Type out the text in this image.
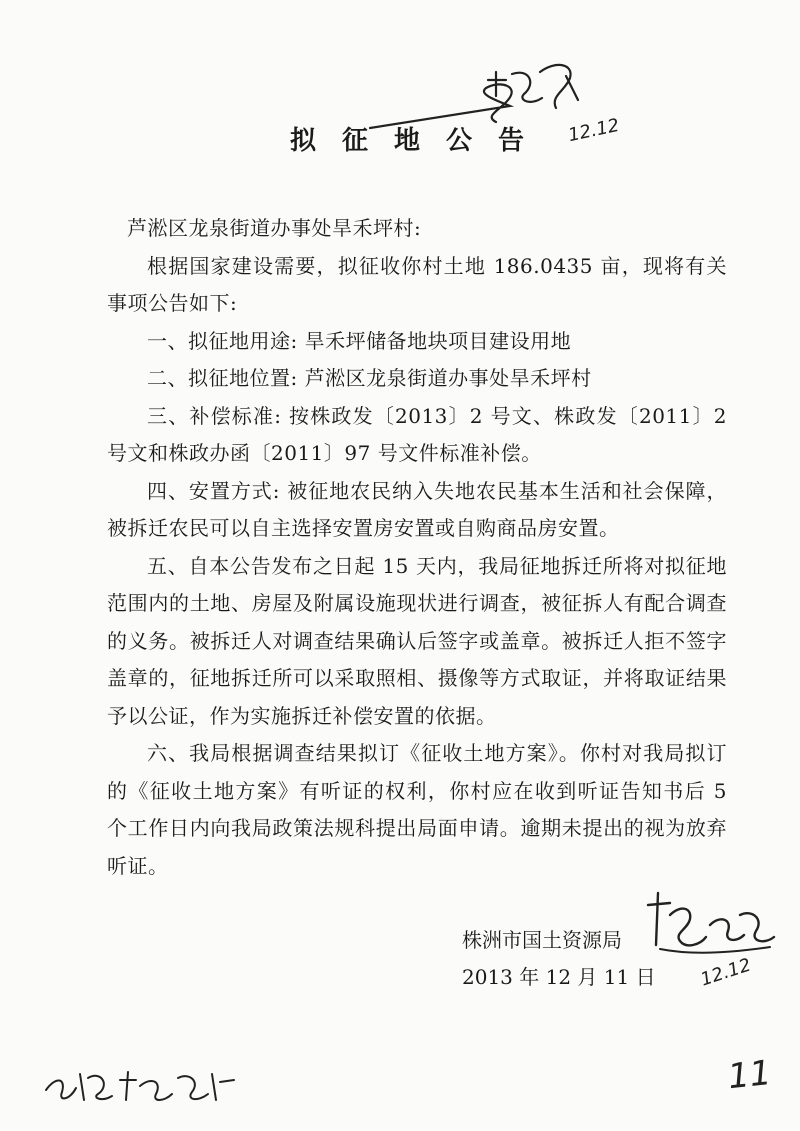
12.12
拟征地公告

芦淞区龙泉街道办事处旱禾坪村:

根据国家建设需要，拟征收你村土地 186.0435 亩，现将有关事项公告如下:

一、拟征地用途: 旱禾坪储备地块项目建设用地

二、拟征地位置: 芦淞区龙泉街道办事处旱禾坪村

三、补偿标准: 按株政发〔2013〕2 号文、株政发〔2011〕2 号文和株政办函〔2011〕97 号文件标准补偿。

四、安置方式: 被征地农民纳入失地农民基本生活和社会保障，被拆迁农民可以自主选择安置房安置或自购商品房安置。

五、自本公告发布之日起 15 天内，我局征地拆迁所将对拟征地范围内的土地、房屋及附属设施现状进行调查，被征拆人有配合调查的义务。被拆迁人对调查结果确认后签字或盖章。被拆迁人拒不签字盖章的，征地拆迁所可以采取照相、摄像等方式取证，并将取证结果予以公证，作为实施拆迁补偿安置的依据。

六、我局根据调查结果拟订《征收土地方案》。你村对我局拟订的《征收土地方案》有听证的权利，你村应在收到听证告知书后 5 个工作日内向我局政策法规科提出局面申请。逾期未提出的视为放弃听证。

株洲市国土资源局
2013 年 12 月 11 日 12.12
11
